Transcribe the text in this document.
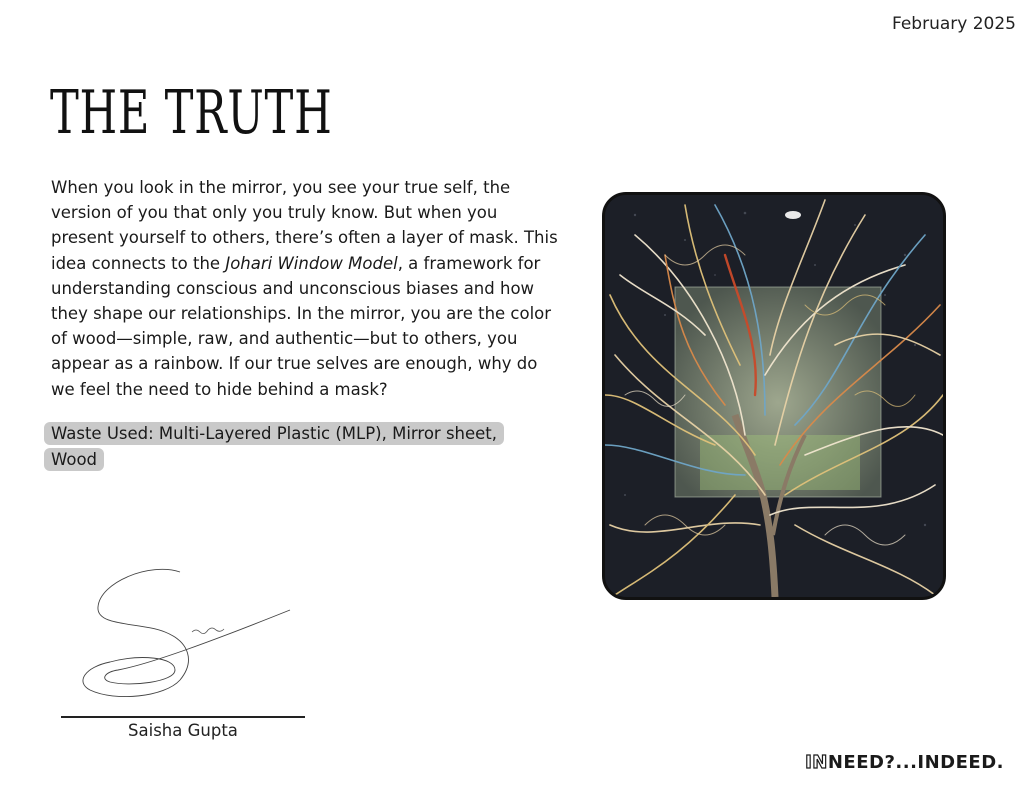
February 2025
THE TRUTH

When you look in the mirror, you see your true self, the version of you that only you truly know. But when you present yourself to others, there’s often a layer of mask. This idea connects to the Johari Window Model, a framework for understanding conscious and unconscious biases and how they shape our relationships. In the mirror, you are the color of wood—simple, raw, and authentic—but to others, you appear as a rainbow. If our true selves are enough, why do we feel the need to hide behind a mask?

Waste Used: Multi-Layered Plastic (MLP), Mirror sheet, Wood
Saisha Gupta
INNEED?...INDEED.
